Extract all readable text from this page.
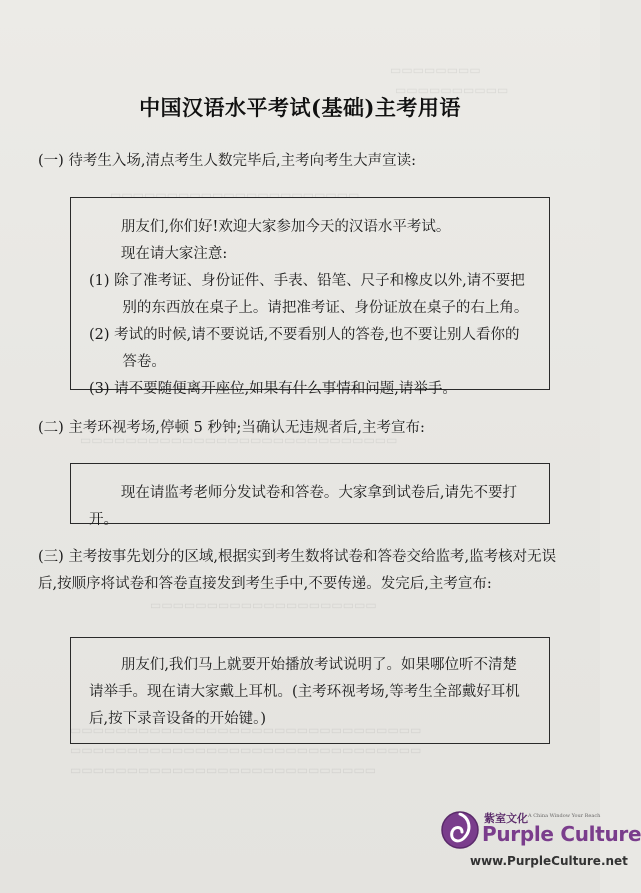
▭▭▭▭▭▭▭▭
▭▭▭▭▭▭▭▭▭▭
▭▭▭▭▭▭▭▭▭▭▭▭▭▭▭▭▭▭▭▭▭▭
▭▭▭▭▭▭▭▭▭▭▭▭▭▭▭▭▭▭▭▭▭▭▭▭▭▭▭▭
▭▭▭▭▭▭▭▭▭▭▭▭▭▭▭▭▭▭▭▭
▭▭▭▭▭▭▭▭▭▭▭▭▭▭▭▭▭▭▭▭▭▭▭▭▭▭▭▭▭▭▭
▭▭▭▭▭▭▭▭▭▭▭▭▭▭▭▭▭▭▭▭▭▭▭▭▭▭▭▭▭▭▭
▭▭▭▭▭▭▭▭▭▭▭▭▭▭▭▭▭▭▭▭▭▭▭▭▭▭▭
中国汉语水平考试(基础)主考用语
(一) 待考生入场,清点考生人数完毕后,主考向考生大声宣读:

朋友们,你们好!欢迎大家参加今天的汉语水平考试。

现在请大家注意:

(1) 除了准考证、身份证件、手表、铅笔、尺子和橡皮以外,请不要把别的东西放在桌子上。请把准考证、身份证放在桌子的右上角。

(2) 考试的时候,请不要说话,不要看别人的答卷,也不要让别人看你的答卷。

(3) 请不要随便离开座位,如果有什么事情和问题,请举手。

(二) 主考环视考场,停顿 5 秒钟;当确认无违规者后,主考宣布:

现在请监考老师分发试卷和答卷。大家拿到试卷后,请先不要打开。

(三) 主考按事先划分的区域,根据实到考生数将试卷和答卷交给监考,监考核对无误后,按顺序将试卷和答卷直接发到考生手中,不要传递。发完后,主考宣布:

朋友们,我们马上就要开始播放考试说明了。如果哪位听不清楚请举手。现在请大家戴上耳机。(主考环视考场,等考生全部戴好耳机后,按下录音设备的开始键。)

紫室文化 A China Window Your Reach
Purple Culture
www.PurpleCulture.net
